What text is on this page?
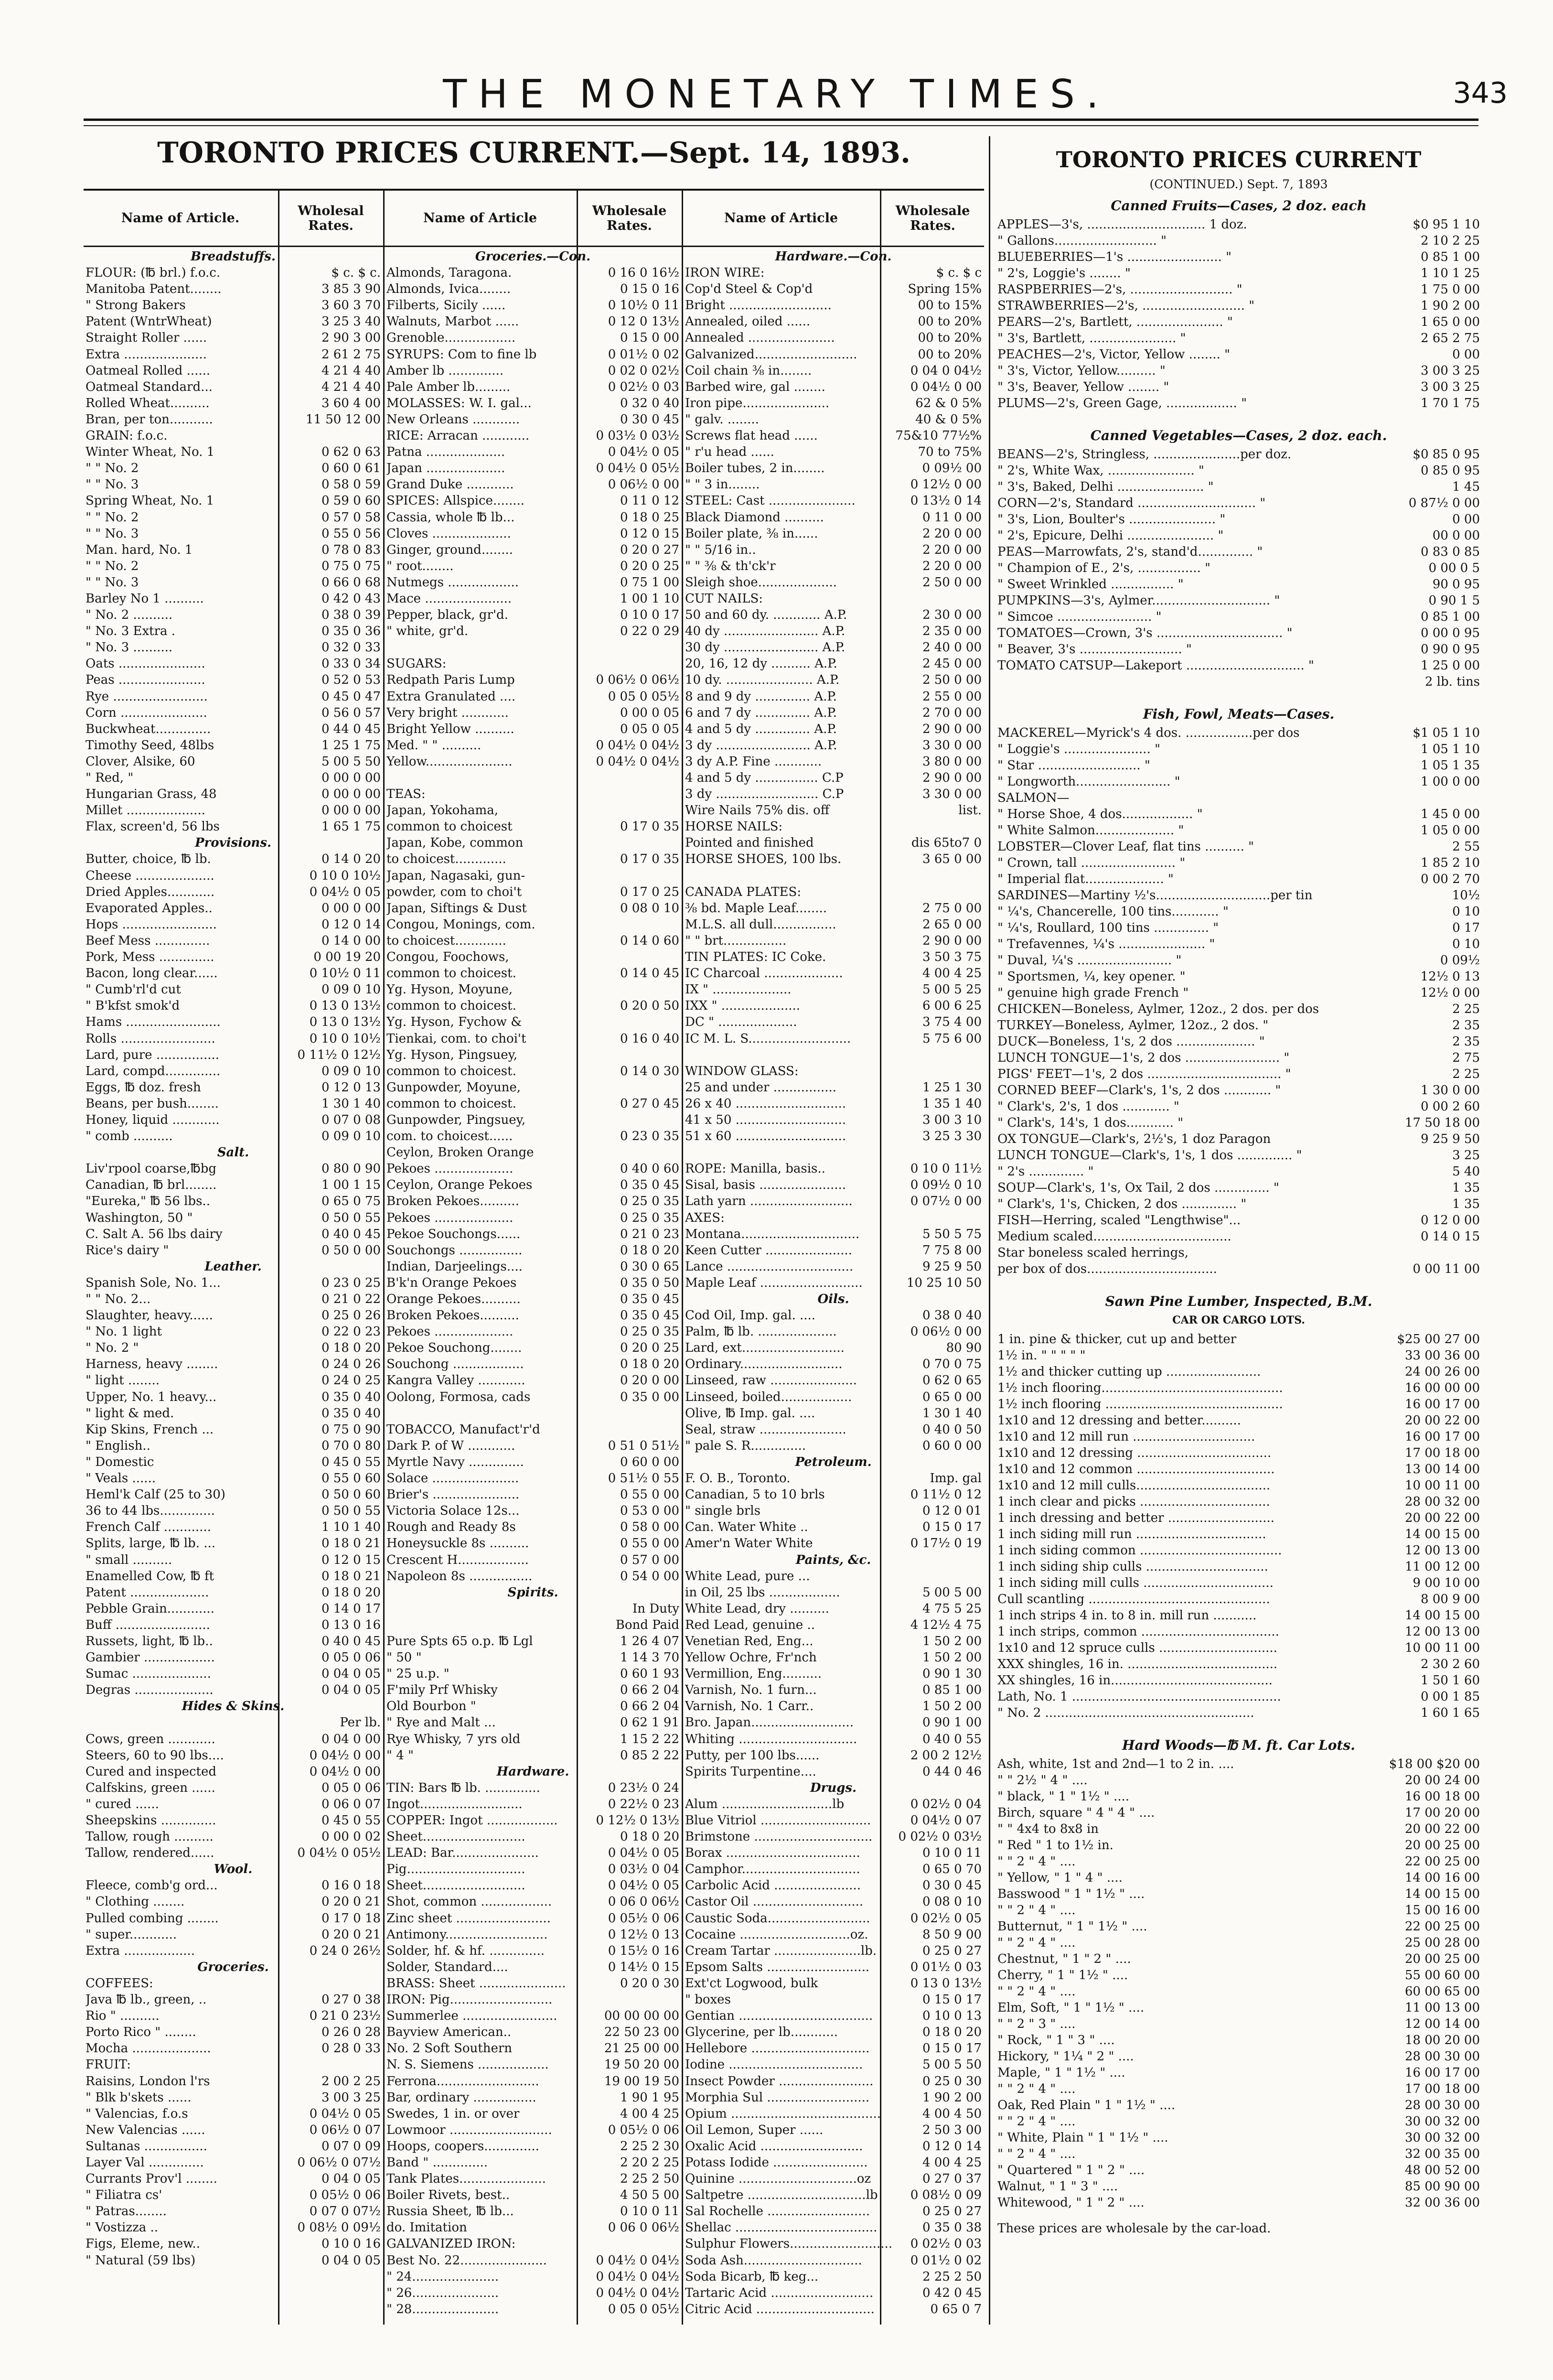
THE MONETARY TIMES.	343
TORONTO PRICES CURRENT.—Sept. 14, 1893.
Name of Article.	Wholesal Rates.	Name of Article	Wholesale Rates.	Name of Article	Wholesale Rates.
Breadstuffs.
FLOUR: (℔ brl.) f.o.c.	$ c. $ c.
Manitoba Patent........	3 85 3 90
" Strong Bakers	3 60 3 70
Patent (WntrWheat)	3 25 3 40
Straight Roller ......	2 90 3 00
Extra .....................	2 61 2 75
Oatmeal Rolled ......	4 21 4 40
Oatmeal Standard...	4 21 4 40
Rolled Wheat..........	3 60 4 00
Bran, per ton...........	11 50 12 00
GRAIN: f.o.c.
Winter Wheat, No. 1	0 62 0 63
" " No. 2	0 60 0 61
" " No. 3	0 58 0 59
Spring Wheat, No. 1	0 59 0 60
" " No. 2	0 57 0 58
" " No. 3	0 55 0 56
Man. hard, No. 1	0 78 0 83
" " No. 2	0 75 0 75
" " No. 3	0 66 0 68
Barley No 1 ..........	0 42 0 43
" No. 2 ..........	0 38 0 39
" No. 3 Extra .	0 35 0 36
" No. 3 ..........	0 32 0 33
Oats ......................	0 33 0 34
Peas ......................	0 52 0 53
Rye ........................	0 45 0 47
Corn ......................	0 56 0 57
Buckwheat..............	0 44 0 45
Timothy Seed, 48lbs	1 25 1 75
Clover, Alsike, 60	5 00 5 50
" Red, "	0 00 0 00
Hungarian Grass, 48	0 00 0 00
Millet ....................	0 00 0 00
Flax, screen'd, 56 lbs	1 65 1 75
Provisions.
Butter, choice, ℔ lb.	0 14 0 20
Cheese ....................	0 10 0 10½
Dried Apples............	0 04½ 0 05
Evaporated Apples..	0 00 0 00
Hops ........................	0 12 0 14
Beef Mess ..............	0 14 0 00
Pork, Mess ..............	0 00 19 20
Bacon, long clear......	0 10½ 0 11
" Cumb'rl'd cut	0 09 0 10
" B'kfst smok'd	0 13 0 13½
Hams ........................	0 13 0 13½
Rolls ........................	0 10 0 10½
Lard, pure ................	0 11½ 0 12½
Lard, compd..............	0 09 0 10
Eggs, ℔ doz. fresh	0 12 0 13
Beans, per bush........	1 30 1 40
Honey, liquid ............	0 07 0 08
" comb ..........	0 09 0 10
Salt.
Liv'rpool coarse,℔bg	0 80 0 90
Canadian, ℔ brl........	1 00 1 15
"Eureka," ℔ 56 lbs..	0 65 0 75
Washington, 50 "	0 50 0 55
C. Salt A. 56 lbs dairy	0 40 0 45
Rice's dairy "	0 50 0 00
Leather.
Spanish Sole, No. 1...	0 23 0 25
" " No. 2...	0 21 0 22
Slaughter, heavy......	0 25 0 26
" No. 1 light	0 22 0 23
" No. 2 "	0 18 0 20
Harness, heavy ........	0 24 0 26
" light ........	0 24 0 25
Upper, No. 1 heavy...	0 35 0 40
" light & med.	0 35 0 40
Kip Skins, French ...	0 75 0 90
" English..	0 70 0 80
" Domestic	0 45 0 55
" Veals ......	0 55 0 60
Heml'k Calf (25 to 30)	0 50 0 60
36 to 44 lbs..............	0 50 0 55
French Calf ............	1 10 1 40
Splits, large, ℔ lb. ...	0 18 0 21
" small ..........	0 12 0 15
Enamelled Cow, ℔ ft	0 18 0 21
Patent ....................	0 18 0 20
Pebble Grain............	0 14 0 17
Buff ........................	0 13 0 16
Russets, light, ℔ lb..	0 40 0 45
Gambier ..................	0 05 0 06
Sumac ....................	0 04 0 05
Degras ....................	0 04 0 05
Hides & Skins.
Per lb.
Cows, green ............	0 04 0 00
Steers, 60 to 90 lbs....	0 04½ 0 00
Cured and inspected	0 04½ 0 00
Calfskins, green ......	0 05 0 06
" cured ......	0 06 0 07
Sheepskins ..............	0 45 0 55
Tallow, rough ..........	0 00 0 02
Tallow, rendered......	0 04½ 0 05½
Wool.
Fleece, comb'g ord...	0 16 0 18
" Clothing ........	0 20 0 21
Pulled combing ........	0 17 0 18
" super............	0 20 0 21
Extra ..................	0 24 0 26½
Groceries.
COFFEES:
Java ℔ lb., green, ..	0 27 0 38
Rio " ..........	0 21 0 23½
Porto Rico " ........	0 26 0 28
Mocha ....................	0 28 0 33
FRUIT:
Raisins, London l'rs	2 00 2 25
" Blk b'skets ......	3 00 3 25
" Valencias, f.o.s	0 04½ 0 05
New Valencias ......	0 06½ 0 07
Sultanas ................	0 07 0 09
Layer Val ..............	0 06½ 0 07½
Currants Prov'l ........	0 04 0 05
" Filiatra cs'	0 05½ 0 06
" Patras........	0 07 0 07½
" Vostizza ..	0 08½ 0 09½
Figs, Eleme, new..	0 10 0 16
" Natural (59 lbs)	0 04 0 05
Groceries.—Con.
Almonds, Taragona.	0 16 0 16½
Almonds, Ivica........	0 15 0 16
Filberts, Sicily ......	0 10½ 0 11
Walnuts, Marbot ......	0 12 0 13½
Grenoble..................	0 15 0 00
SYRUPS: Com to fine lb	0 01½ 0 02
Amber lb ..............	0 02 0 02½
Pale Amber lb.........	0 02½ 0 03
MOLASSES: W. I. gal...	0 32 0 40
New Orleans ............	0 30 0 45
RICE: Arracan ............	0 03½ 0 03½
Patna ....................	0 04½ 0 05
Japan ....................	0 04½ 0 05½
Grand Duke ............	0 06½ 0 00
SPICES: Allspice........	0 11 0 12
Cassia, whole ℔ lb...	0 18 0 25
Cloves ....................	0 12 0 15
Ginger, ground........	0 20 0 27
" root........	0 20 0 25
Nutmegs ..................	0 75 1 00
Mace ......................	1 00 1 10
Pepper, black, gr'd.	0 10 0 17
" white, gr'd.	0 22 0 29
SUGARS:
Redpath Paris Lump	0 06½ 0 06½
Extra Granulated ....	0 05 0 05½
Very bright ............	0 00 0 05
Bright Yellow ..........	0 05 0 05
Med. " " ..........	0 04½ 0 04½
Yellow......................	0 04½ 0 04½
TEAS:
Japan, Yokohama,
common to choicest	0 17 0 35
Japan, Kobe, common
to choicest.............	0 17 0 35
Japan, Nagasaki, gun-
powder, com to choi't	0 17 0 25
Japan, Siftings & Dust	0 08 0 10
Congou, Monings, com.
to choicest.............	0 14 0 60
Congou, Foochows,
common to choicest.	0 14 0 45
Yg. Hyson, Moyune,
common to choicest.	0 20 0 50
Yg. Hyson, Fychow &
Tienkai, com. to choi't	0 16 0 40
Yg. Hyson, Pingsuey,
common to choicest.	0 14 0 30
Gunpowder, Moyune,
common to choicest.	0 27 0 45
Gunpowder, Pingsuey,
com. to choicest......	0 23 0 35
Ceylon, Broken Orange
Pekoes ....................	0 40 0 60
Ceylon, Orange Pekoes	0 35 0 45
Broken Pekoes..........	0 25 0 35
Pekoes ....................	0 25 0 35
Pekoe Souchongs......	0 21 0 23
Souchongs ................	0 18 0 20
Indian, Darjeelings....	0 30 0 65
B'k'n Orange Pekoes	0 35 0 50
Orange Pekoes..........	0 35 0 45
Broken Pekoes..........	0 35 0 45
Pekoes ....................	0 25 0 35
Pekoe Souchong........	0 20 0 25
Souchong ..................	0 18 0 20
Kangra Valley ............	0 20 0 00
Oolong, Formosa, cads	0 35 0 00
TOBACCO, Manufact'r'd
Dark P. of W ............	0 51 0 51½
Myrtle Navy ..............	0 60 0 00
Solace ......................	0 51½ 0 55
Brier's ......................	0 55 0 00
Victoria Solace 12s...	0 53 0 00
Rough and Ready 8s	0 58 0 00
Honeysuckle 8s ..........	0 55 0 00
Crescent H..................	0 57 0 00
Napoleon 8s ................	0 54 0 00
Spirits.
In Duty
Bond Paid
Pure Spts 65 o.p. ℔ Lgl	1 26 4 07
" 50 "	1 14 3 70
" 25 u.p. "	0 60 1 93
F'mily Prf Whisky	0 66 2 04
Old Bourbon "	0 66 2 04
" Rye and Malt ...	0 62 1 91
Rye Whisky, 7 yrs old	1 15 2 22
" 4 "	0 85 2 22
Hardware.
TIN: Bars ℔ lb. ..............	0 23½ 0 24
Ingot..........................	0 22½ 0 23
COPPER: Ingot ..................	0 12½ 0 13½
Sheet..........................	0 18 0 20
LEAD: Bar......................	0 04½ 0 05
Pig..............................	0 03½ 0 04
Sheet..........................	0 04½ 0 05
Shot, common ..................	0 06 0 06½
Zinc sheet ........................	0 05½ 0 06
Antimony..........................	0 12½ 0 13
Solder, hf. & hf. ..............	0 15½ 0 16
Solder, Standard....	0 14½ 0 15
BRASS: Sheet ......................	0 20 0 30
IRON: Pig..........................
Summerlee ........................	00 00 00 00
Bayview American..	22 50 23 00
No. 2 Soft Southern	21 25 00 00
N. S. Siemens ..................	19 50 20 00
Ferrona..........................	19 00 19 50
Bar, ordinary ................	1 90 1 95
Swedes, 1 in. or over	4 00 4 25
Lowmoor ..........................	0 05½ 0 06
Hoops, coopers..............	2 25 2 30
Band " ..............	2 20 2 25
Tank Plates......................	2 25 2 50
Boiler Rivets, best..	4 50 5 00
Russia Sheet, ℔ lb...	0 10 0 11
do. Imitation	0 06 0 06½
GALVANIZED IRON:
Best No. 22......................	0 04½ 0 04½
" 24......................	0 04½ 0 04½
" 26......................	0 04½ 0 04½
" 28......................	0 05 0 05½
Hardware.—Con.
IRON WIRE:	$ c. $ c
Cop'd Steel & Cop'd	Spring 15%
Bright ..........................	00 to 15%
Annealed, oiled ......	00 to 20%
Annealed ......................	00 to 20%
Galvanized..........................	00 to 20%
Coil chain ⅜ in........	0 04 0 04½
Barbed wire, gal ........	0 04½ 0 00
Iron pipe......................	62 & 0 5%
" galv. ........	40 & 0 5%
Screws flat head ......	75&10 77½%
" r'u head ......	70 to 75%
Boiler tubes, 2 in........	0 09½ 00
" " 3 in........	0 12½ 0 00
STEEL: Cast ......................	0 13½ 0 14
Black Diamond ..........	0 11 0 00
Boiler plate, ⅜ in......	2 20 0 00
" " 5/16 in..	2 20 0 00
" " ⅜ & th'ck'r	2 20 0 00
Sleigh shoe....................	2 50 0 00
CUT NAILS:
50 and 60 dy. ............ A.P.	2 30 0 00
40 dy ........................ A.P.	2 35 0 00
30 dy ........................ A.P.	2 40 0 00
20, 16, 12 dy .......... A.P.	2 45 0 00
10 dy. ...................... A.P.	2 50 0 00
8 and 9 dy .............. A.P.	2 55 0 00
6 and 7 dy .............. A.P.	2 70 0 00
4 and 5 dy .............. A.P.	2 90 0 00
3 dy ........................ A.P.	3 30 0 00
3 dy A.P. Fine ............	3 80 0 00
4 and 5 dy ................ C.P	2 90 0 00
3 dy .......................... C.P	3 30 0 00
Wire Nails 75% dis. off	list.
HORSE NAILS:
Pointed and finished	dis 65to7 0
HORSE SHOES, 100 lbs.	3 65 0 00
CANADA PLATES:
⅜ bd. Maple Leaf........	2 75 0 00
M.L.S. all dull................	2 65 0 00
" " brt................	2 90 0 00
TIN PLATES: IC Coke.	3 50 3 75
IC Charcoal ....................	4 00 4 25
IX " ....................	5 00 5 25
IXX " ....................	6 00 6 25
DC " ....................	3 75 4 00
IC M. L. S..........................	5 75 6 00
WINDOW GLASS:
25 and under ................	1 25 1 30
26 x 40 ............................	1 35 1 40
41 x 50 ............................	3 00 3 10
51 x 60 ............................	3 25 3 30
ROPE: Manilla, basis..	0 10 0 11½
Sisal, basis ......................	0 09½ 0 10
Lath yarn ..........................	0 07½ 0 00
AXES:
Montana..............................	5 50 5 75
Keen Cutter ......................	7 75 8 00
Lance ................................	9 25 9 50
Maple Leaf ..........................	10 25 10 50
Oils.
Cod Oil, Imp. gal. ....	0 38 0 40
Palm, ℔ lb. ....................	0 06½ 0 00
Lard, ext..........................	80 90
Ordinary..........................	0 70 0 75
Linseed, raw ......................	0 62 0 65
Linseed, boiled..................	0 65 0 00
Olive, ℔ Imp. gal. ....	1 30 1 40
Seal, straw ......................	0 40 0 50
" pale S. R..............	0 60 0 00
Petroleum.
F. O. B., Toronto.	Imp. gal
Canadian, 5 to 10 brls	0 11½ 0 12
" single brls	0 12 0 01
Can. Water White ..	0 15 0 17
Amer'n Water White	0 17½ 0 19
Paints, &c.
White Lead, pure ...
in Oil, 25 lbs ..................	5 00 5 00
White Lead, dry ..........	4 75 5 25
Red Lead, genuine ..	4 12½ 4 75
Venetian Red, Eng...	1 50 2 00
Yellow Ochre, Fr'nch	1 50 2 00
Vermillion, Eng..........	0 90 1 30
Varnish, No. 1 furn...	0 85 1 00
Varnish, No. 1 Carr..	1 50 2 00
Bro. Japan..........................	0 90 1 00
Whiting ..............................	0 40 0 55
Putty, per 100 lbs......	2 00 2 12½
Spirits Turpentine....	0 44 0 46
Drugs.
Alum ............................lb	0 02½ 0 04
Blue Vitriol ............................	0 04½ 0 07
Brimstone .............................. 0 02½ 0 03½
Borax ..................................	0 10 0 11
Camphor..............................	0 65 0 70
Carbolic Acid ......................	0 30 0 45
Castor Oil ............................	0 08 0 10
Caustic Soda..........................	0 02½ 0 05
Cocaine ............................oz.	8 50 9 00
Cream Tartar ......................lb.	0 25 0 27
Epsom Salts ..........................	0 01½ 0 03
Ext'ct Logwood, bulk	0 13 0 13½
" boxes	0 15 0 17
Gentian ..................................	0 10 0 13
Glycerine, per lb............	0 18 0 20
Hellebore ..............................	0 15 0 17
Iodine ..................................	5 00 5 50
Insect Powder ........................	0 25 0 30
Morphia Sul ..........................	1 90 2 00
Opium ......................................	4 00 4 50
Oil Lemon, Super ......	2 50 3 00
Oxalic Acid ..........................	0 12 0 14
Potass Iodide ........................	4 00 4 25
Quinine ..............................oz	0 27 0 37
Saltpetre ..............................lb	0 08½ 0 09
Sal Rochelle ..........................	0 25 0 27
Shellac ....................................	0 35 0 38
Sulphur Flowers.......................... 0 02½ 0 03
Soda Ash..............................	0 01½ 0 02
Soda Bicarb, ℔ keg...	2 25 2 50
Tartaric Acid ..........................	0 42 0 45
Citric Acid ..............................	0 65 0 7
TORONTO PRICES CURRENT
(CONTINUED.) Sept. 7, 1893
Canned Fruits—Cases, 2 doz. each
APPLES—3's, .............................. 1 doz.	$0 95 1 10
" Gallons.......................... "	2 10 2 25
BLUEBERRIES—1's ........................ "	0 85 1 00
" 2's, Loggie's ........ "	1 10 1 25
RASPBERRIES—2's, .......................... "	1 75 0 00
STRAWBERRIES—2's, .......................... "	1 90 2 00
PEARS—2's, Bartlett, ...................... "	1 65 0 00
" 3's, Bartlett, ...................... "	2 65 2 75
PEACHES—2's, Victor, Yellow ........ "	0 00
" 3's, Victor, Yellow.......... "	3 00 3 25
" 3's, Beaver, Yellow ........ "	3 00 3 25
PLUMS—2's, Green Gage, .................. "	1 70 1 75
Canned Vegetables—Cases, 2 doz. each.
BEANS—2's, Stringless, ......................per doz.	$0 85 0 95
" 2's, White Wax, ...................... "	0 85 0 95
" 3's, Baked, Delhi ...................... "	1 45
CORN—2's, Standard .............................. "	0 87½ 0 00
" 3's, Lion, Boulter's ...................... "	0 00
" 2's, Epicure, Delhi ...................... "	00 0 00
PEAS—Marrowfats, 2's, stand'd.............. "	0 83 0 85
" Champion of E., 2's, ................ "	0 00 0 5
" Sweet Wrinkled ................ "	90 0 95
PUMPKINS—3's, Aylmer.............................. "	0 90 1 5
" Simcoe ........................ "	0 85 1 00
TOMATOES—Crown, 3's ................................ "	0 00 0 95
" Beaver, 3's .......................... "	0 90 0 95
TOMATO CATSUP—Lakeport .............................. "	1 25 0 00
2 lb. tins
Fish, Fowl, Meats—Cases.
MACKEREL—Myrick's 4 dos. .................per dos	$1 05 1 10
" Loggie's ...................... "	1 05 1 10
" Star .......................... "	1 05 1 35
" Longworth........................ "	1 00 0 00
SALMON—
" Horse Shoe, 4 dos.................. "	1 45 0 00
" White Salmon.................... "	1 05 0 00
LOBSTER—Clover Leaf, flat tins .......... "	2 55
" Crown, tall ........................ "	1 85 2 10
" Imperial flat.................... "	0 00 2 70
SARDINES—Martiny ½'s.............................per tin	10½
" ¼'s, Chancerelle, 100 tins............ "	0 10
" ¼'s, Roullard, 100 tins .............. "	0 17
" Trefavennes, ¼'s ...................... "	0 10
" Duval, ¼'s ........................ "	0 09½
" Sportsmen, ¼, key opener. "	12½ 0 13
" genuine high grade French "	12½ 0 00
CHICKEN—Boneless, Aylmer, 12oz., 2 dos. per dos	2 25
TURKEY—Boneless, Aylmer, 12oz., 2 dos. "	2 35
DUCK—Boneless, 1's, 2 dos .................... "	2 35
LUNCH TONGUE—1's, 2 dos ........................ "	2 75
PIGS' FEET—1's, 2 dos .................................. "	2 25
CORNED BEEF—Clark's, 1's, 2 dos ............ "	1 30 0 00
" Clark's, 2's, 1 dos ............ "	0 00 2 60
" Clark's, 14's, 1 dos............ "	17 50 18 00
OX TONGUE—Clark's, 2½'s, 1 doz Paragon	9 25 9 50
LUNCH TONGUE—Clark's, 1's, 1 dos .............. "	3 25
" 2's .............. "	5 40
SOUP—Clark's, 1's, Ox Tail, 2 dos .............. "	1 35
" Clark's, 1's, Chicken, 2 dos .............. "	1 35
FISH—Herring, scaled "Lengthwise"...	0 12 0 00
Medium scaled...................................	0 14 0 15
Star boneless scaled herrings,
per box of dos.................................	0 00 11 00
Sawn Pine Lumber, Inspected, B.M.
CAR OR CARGO LOTS.
1 in. pine & thicker, cut up and better	$25 00 27 00
1½ in. " " " " "	33 00 36 00
1½ and thicker cutting up ........................	24 00 26 00
1½ inch flooring..............................................	16 00 00 00
1½ inch flooring .............................................	16 00 17 00
1x10 and 12 dressing and better..........	20 00 22 00
1x10 and 12 mill run ...............................	16 00 17 00
1x10 and 12 dressing ..................................	17 00 18 00
1x10 and 12 common ...................................	13 00 14 00
1x10 and 12 mill culls..................................	10 00 11 00
1 inch clear and picks .................................	28 00 32 00
1 inch dressing and better ...........................	20 00 22 00
1 inch siding mill run .................................	14 00 15 00
1 inch siding common ....................................	12 00 13 00
1 inch siding ship culls ...............................	11 00 12 00
1 inch siding mill culls .................................	9 00 10 00
Cull scantling ..............................................	8 00 9 00
1 inch strips 4 in. to 8 in. mill run ...........	14 00 15 00
1 inch strips, common ...................................	12 00 13 00
1x10 and 12 spruce culls ..............................	10 00 11 00
XXX shingles, 16 in. ......................................	2 30 2 60
XX shingles, 16 in.........................................	1 50 1 60
Lath, No. 1 .....................................................	0 00 1 85
" No. 2 .....................................................	1 60 1 65
Hard Woods—℔ M. ft. Car Lots.
Ash, white, 1st and 2nd—1 to 2 in. ....	$18 00 $20 00
" " 2½ " 4 " ....	20 00 24 00
" black, " 1 " 1½ " ....	16 00 18 00
Birch, square " 4 " 4 " ....	17 00 20 00
" " 4x4 to 8x8 in	20 00 22 00
" Red " 1 to 1½ in.	20 00 25 00
" " 2 " 4 " ....	22 00 25 00
" Yellow, " 1 " 4 " ....	14 00 16 00
Basswood " 1 " 1½ " ....	14 00 15 00
" " 2 " 4 " ....	15 00 16 00
Butternut, " 1 " 1½ " ....	22 00 25 00
" " 2 " 4 " ....	25 00 28 00
Chestnut, " 1 " 2 " ....	20 00 25 00
Cherry, " 1 " 1½ " ....	55 00 60 00
" " 2 " 4 " ....	60 00 65 00
Elm, Soft, " 1 " 1½ " ....	11 00 13 00
" " 2 " 3 " ....	12 00 14 00
" Rock, " 1 " 3 " ....	18 00 20 00
Hickory, " 1¼ " 2 " ....	28 00 30 00
Maple, " 1 " 1½ " ....	16 00 17 00
" " 2 " 4 " ....	17 00 18 00
Oak, Red Plain " 1 " 1½ " ....	28 00 30 00
" " 2 " 4 " ....	30 00 32 00
" White, Plain " 1 " 1½ " ....	30 00 32 00
" " 2 " 4 " ....	32 00 35 00
" Quartered " 1 " 2 " ....	48 00 52 00
Walnut, " 1 " 3 " ....	85 00 90 00
Whitewood, " 1 " 2 " ....	32 00 36 00
These prices are wholesale by the car-load.
